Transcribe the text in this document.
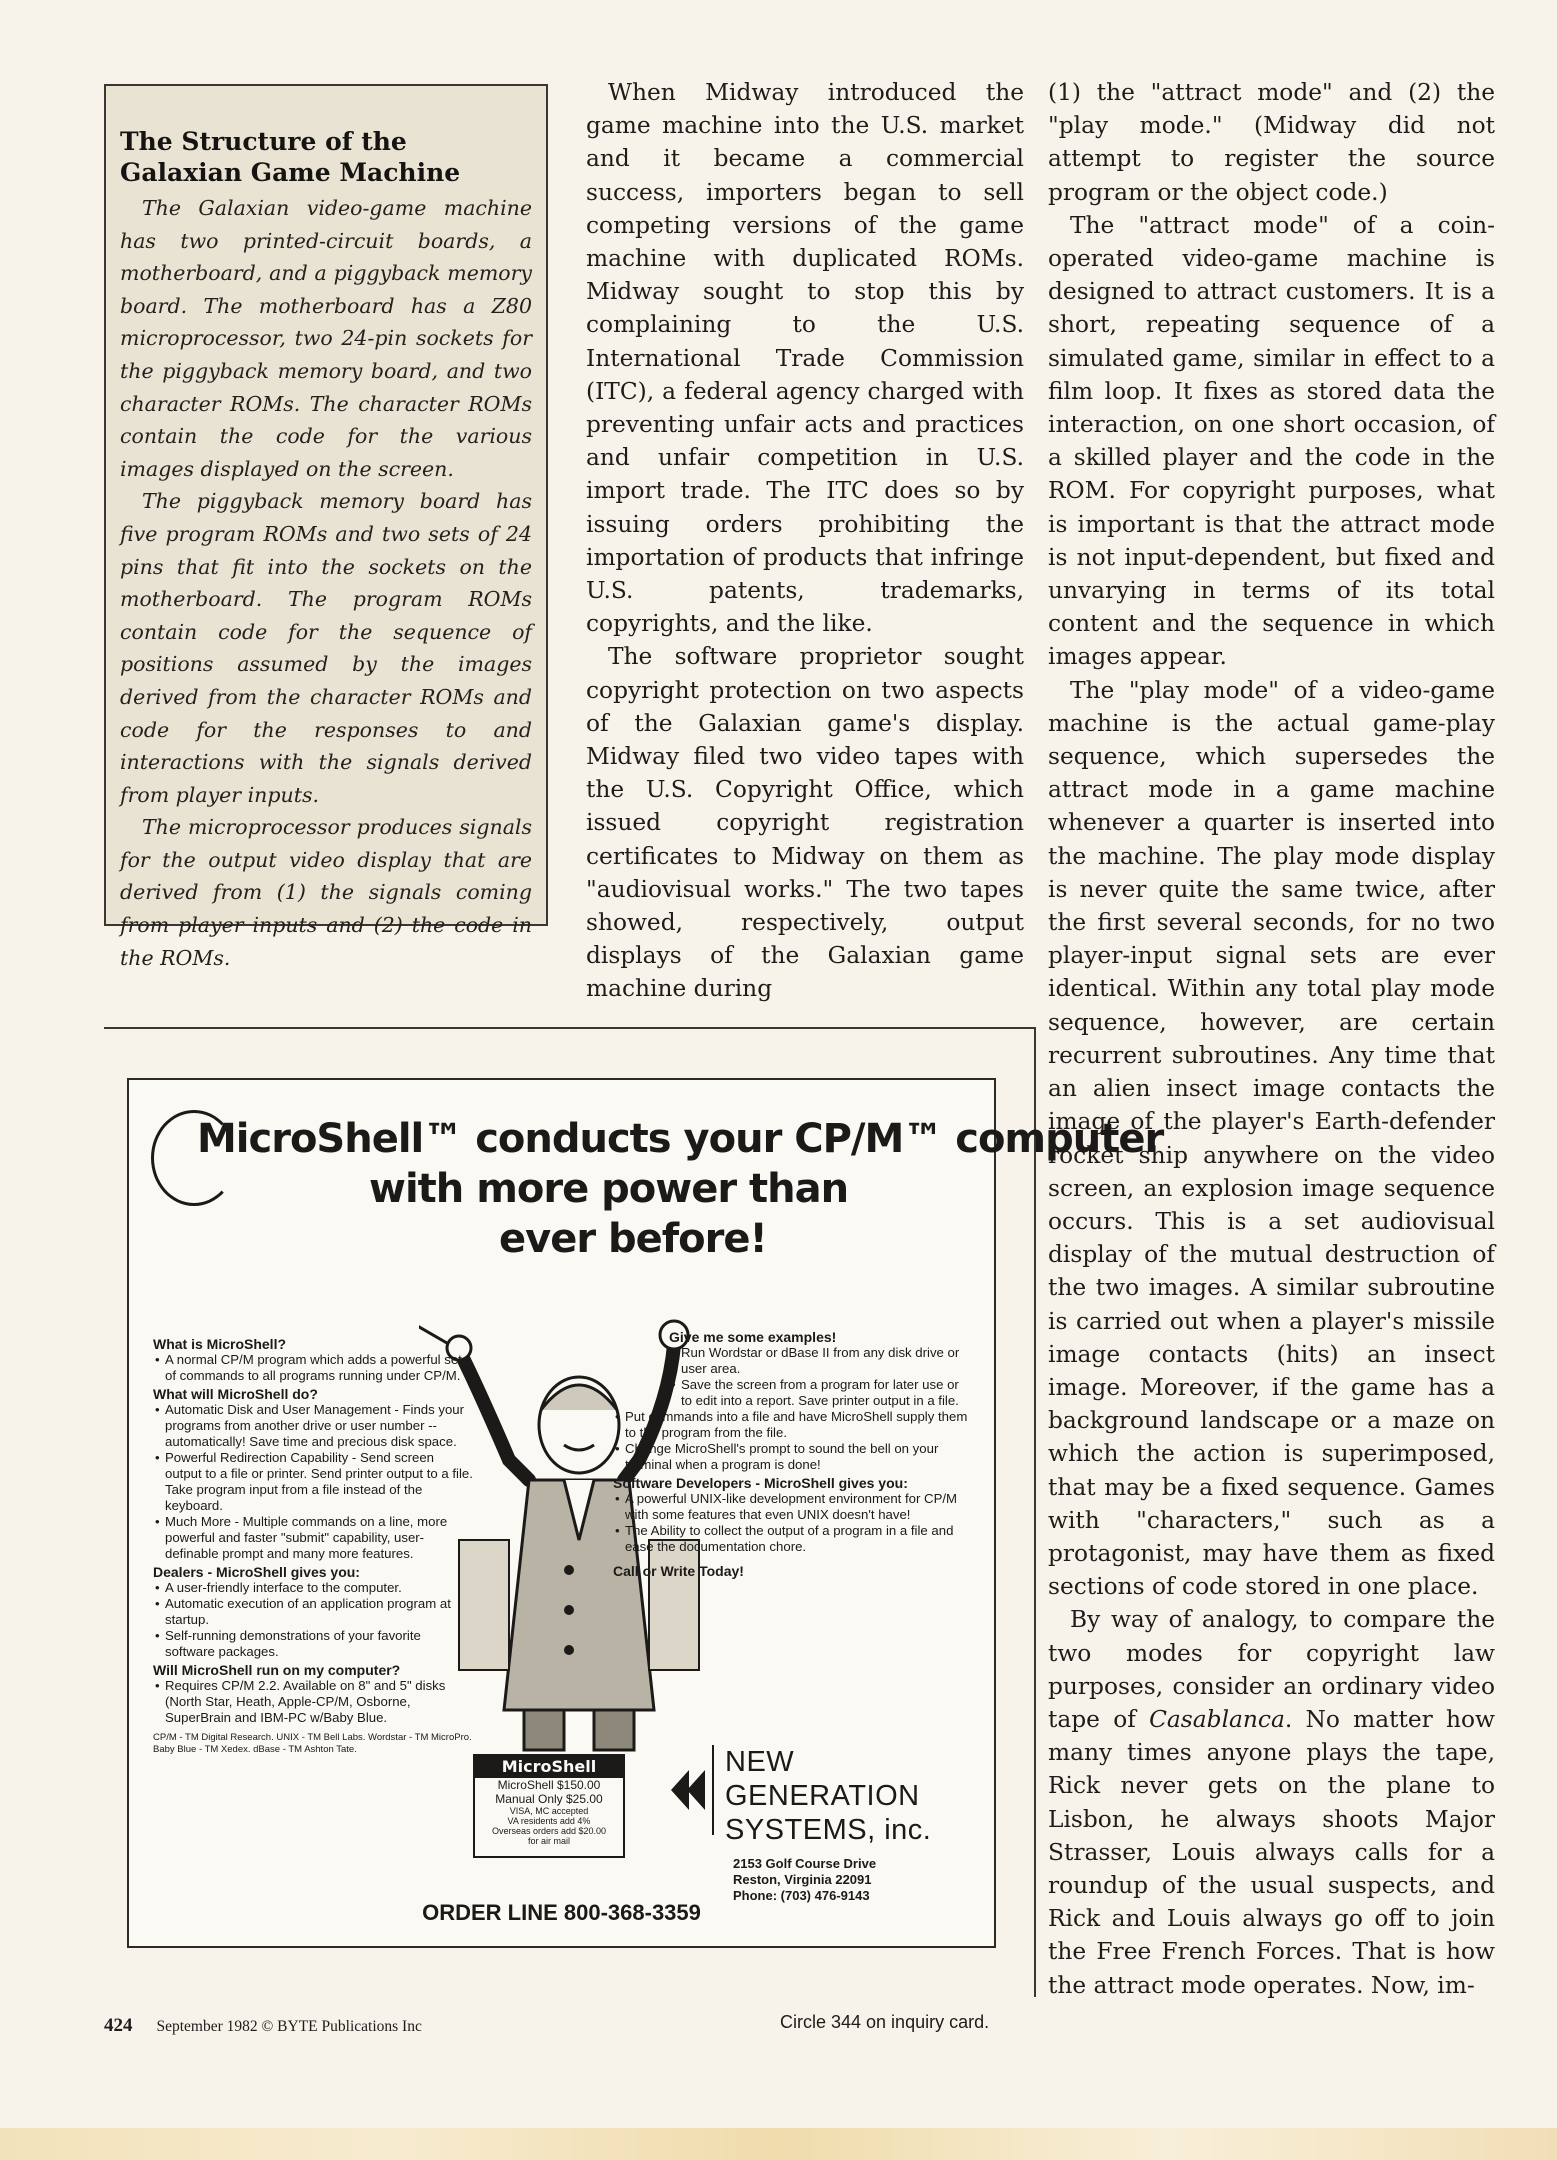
The Structure of the
Galaxian Game Machine

The Galaxian video-game machine has two printed-circuit boards, a motherboard, and a piggyback memory board. The motherboard has a Z80 microprocessor, two 24-pin sockets for the piggyback memory board, and two character ROMs. The character ROMs contain the code for the various images displayed on the screen.

The piggyback memory board has five program ROMs and two sets of 24 pins that fit into the sockets on the motherboard. The program ROMs contain code for the sequence of positions assumed by the images derived from the character ROMs and code for the responses to and interactions with the signals derived from player inputs.

The microprocessor produces signals for the output video display that are derived from (1) the signals coming from player inputs and (2) the code in the ROMs.

When Midway introduced the game machine into the U.S. market and it became a commercial success, importers began to sell competing versions of the game machine with duplicated ROMs. Midway sought to stop this by complaining to the U.S. International Trade Commission (ITC), a federal agency charged with preventing unfair acts and practices and unfair competition in U.S. import trade. The ITC does so by issuing orders prohibiting the importation of products that infringe U.S. patents, trademarks, copyrights, and the like.

The software proprietor sought copyright protection on two aspects of the Galaxian game's display. Midway filed two video tapes with the U.S. Copyright Office, which issued copyright registration certificates to Midway on them as "audiovisual works." The two tapes showed, respectively, output displays of the Galaxian game machine during

(1) the "attract mode" and (2) the "play mode." (Midway did not attempt to register the source program or the object code.)

The "attract mode" of a coin-operated video-game machine is designed to attract customers. It is a short, repeating sequence of a simulated game, similar in effect to a film loop. It fixes as stored data the interaction, on one short occasion, of a skilled player and the code in the ROM. For copyright purposes, what is important is that the attract mode is not input-dependent, but fixed and unvarying in terms of its total content and the sequence in which images appear.

The "play mode" of a video-game machine is the actual game-play sequence, which supersedes the attract mode in a game machine whenever a quarter is inserted into the machine. The play mode display is never quite the same twice, after the first several seconds, for no two player-input signal sets are ever identical. Within any total play mode sequence, however, are certain recurrent subroutines. Any time that an alien insect image contacts the image of the player's Earth-defender rocket ship anywhere on the video screen, an explosion image sequence occurs. This is a set audiovisual display of the mutual destruction of the two images. A similar subroutine is carried out when a player's missile image contacts (hits) an insect image. Moreover, if the game has a background landscape or a maze on which the action is superimposed, that may be a fixed sequence. Games with "characters," such as a protagonist, may have them as fixed sections of code stored in one place.

By way of analogy, to compare the two modes for copyright law purposes, consider an ordinary video tape of Casablanca. No matter how many times anyone plays the tape, Rick never gets on the plane to Lisbon, he always shoots Major Strasser, Louis always calls for a roundup of the usual suspects, and Rick and Louis always go off to join the Free French Forces. That is how the attract mode operates. Now, im-

MicroShell™ conducts your CP/M™ computer
with more power than
ever before!
What is MicroShell?
• A normal CP/M program which adds a powerful set of commands to all programs running under CP/M.
What will MicroShell do?
• Automatic Disk and User Management - Finds your programs from another drive or user number -- automatically! Save time and precious disk space.
• Powerful Redirection Capability - Send screen output to a file or printer. Send printer output to a file. Take program input from a file instead of the keyboard.
• Much More - Multiple commands on a line, more powerful and faster "submit" capability, user-definable prompt and many more features.
Dealers - MicroShell gives you:
• A user-friendly interface to the computer.
• Automatic execution of an application program at startup.
• Self-running demonstrations of your favorite software packages.
Will MicroShell run on my computer?
• Requires CP/M 2.2. Available on 8" and 5" disks (North Star, Heath, Apple-CP/M, Osborne, SuperBrain and IBM-PC w/Baby Blue.
CP/M - TM Digital Research. UNIX - TM Bell Labs. Wordstar - TM MicroPro. Baby Blue - TM Xedex. dBase - TM Ashton Tate.
Give me some examples!
• Run Wordstar or dBase II from any disk drive or user area.
• Save the screen from a program for later use or to edit into a report. Save printer output in a file.
• Put commands into a file and have MicroShell supply them to the program from the file.
• Change MicroShell's prompt to sound the bell on your terminal when a program is done!
Software Developers - MicroShell gives you:
• A powerful UNIX-like development environment for CP/M with some features that even UNIX doesn't have!
• The Ability to collect the output of a program in a file and ease the documentation chore.
Call or Write Today!
MicroShell
MicroShell $150.00
Manual Only $25.00
VISA, MC accepted
VA residents add 4%
Overseas orders add $20.00
for air mail
NEW
GENERATION
SYSTEMS, inc.
2153 Golf Course Drive
Reston, Virginia 22091
Phone: (703) 476-9143
ORDER LINE 800-368-3359
424 September 1982 © BYTE Publications Inc	Circle 344 on inquiry card.
